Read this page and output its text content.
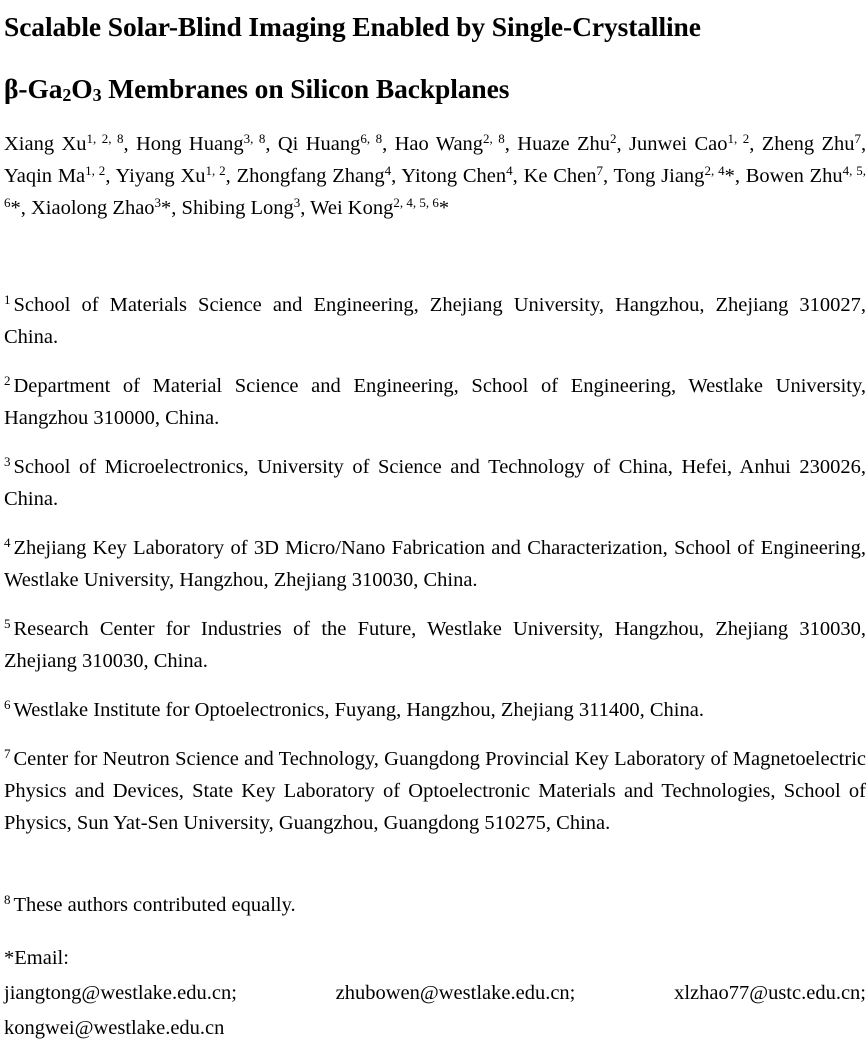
Scalable Solar-Blind Imaging Enabled by Single-Crystalline
$\beta-Ga_2O_3$ Membranes on Silicon Backplanes
Xiang Xu$^{1, 2, 8}$, Hong Huang$^{3, 8}$, Qi Huang$^{6, 8}$, Hao Wang$^{2, 8}$, Huaze Zhu$^2$, Junwei Cao$^{1, 2}$, Zheng Zhu$^7$, Yaqin Ma$^{1, 2}$, Yiyang Xu$^{1, 2}$, Zhongfang Zhang$^4$, Yitong Chen$^4$, Ke Chen$^7$, Tong Jiang$^{2, 4}$*, Bowen Zhu$^{4, 5, 6}$*, Xiaolong Zhao$^3$*, Shibing Long$^3$, Wei Kong$^{2, 4, 5, 6}$*

$^1$ School of Materials Science and Engineering, Zhejiang University, Hangzhou, Zhejiang 310027, China.

$^2$ Department of Material Science and Engineering, School of Engineering, Westlake University, Hangzhou 310000, China.

$^3$ School of Microelectronics, University of Science and Technology of China, Hefei, Anhui 230026, China.

$^4$ Zhejiang Key Laboratory of 3D Micro/Nano Fabrication and Characterization, School of Engineering, Westlake University, Hangzhou, Zhejiang 310030, China.

$^5$ Research Center for Industries of the Future, Westlake University, Hangzhou, Zhejiang 310030, Zhejiang 310030, China.

$^6$ Westlake Institute for Optoelectronics, Fuyang, Hangzhou, Zhejiang 311400, China.

$^7$ Center for Neutron Science and Technology, Guangdong Provincial Key Laboratory of Magnetoelectric Physics and Devices, State Key Laboratory of Optoelectronic Materials and Technologies, School of Physics, Sun Yat-Sen University, Guangzhou, Guangdong 510275, China.

$^8$ These authors contributed equally.

*Email:
jiangtong@westlake.edu.cn;	zhubowen@westlake.edu.cn;	xlzhao77@ustc.edu.cn;
kongwei@westlake.edu.cn
